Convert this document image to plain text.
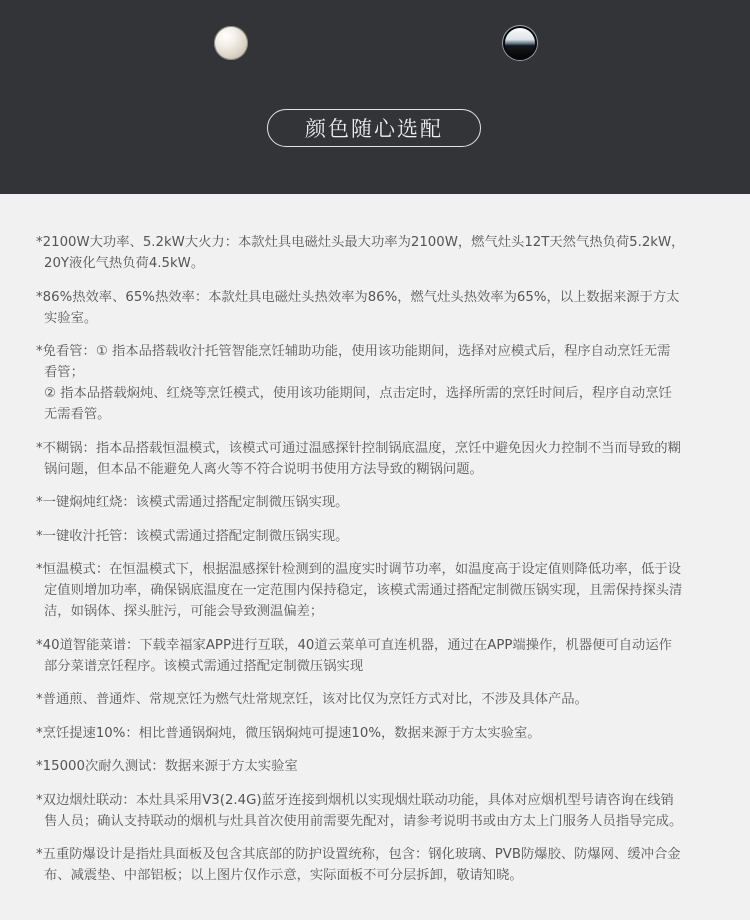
颜色随心选配
*2100W大功率、5.2kW大火力：本款灶具电磁灶头最大功率为2100W，燃气灶头12T天然气热负荷5.2kW，
20Y液化气热负荷4.5kW。
*86%热效率、65%热效率：本款灶具电磁灶头热效率为86%，燃气灶头热效率为65%，以上数据来源于方太
实验室。
*免看管：① 指本品搭载收汁托管智能烹饪辅助功能，使用该功能期间，选择对应模式后，程序自动烹饪无需
看管；
② 指本品搭载焖炖、红烧等烹饪模式，使用该功能期间，点击定时，选择所需的烹饪时间后，程序自动烹饪
无需看管。
*不糊锅：指本品搭载恒温模式，该模式可通过温感探针控制锅底温度，烹饪中避免因火力控制不当而导致的糊
锅问题，但本品不能避免人离火等不符合说明书使用方法导致的糊锅问题。
*一键焖炖红烧：该模式需通过搭配定制微压锅实现。
*一键收汁托管：该模式需通过搭配定制微压锅实现。
*恒温模式：在恒温模式下，根据温感探针检测到的温度实时调节功率，如温度高于设定值则降低功率，低于设
定值则增加功率，确保锅底温度在一定范围内保持稳定，该模式需通过搭配定制微压锅实现，且需保持探头清
洁，如锅体、探头脏污，可能会导致测温偏差；
*40道智能菜谱：下载幸福家APP进行互联，40道云菜单可直连机器，通过在APP端操作，机器便可自动运作
部分菜谱烹饪程序。该模式需通过搭配定制微压锅实现
*普通煎、普通炸、常规烹饪为燃气灶常规烹饪，该对比仅为烹饪方式对比，不涉及具体产品。
*烹饪提速10%：相比普通锅焖炖，微压锅焖炖可提速10%，数据来源于方太实验室。
*15000次耐久测试：数据来源于方太实验室
*双边烟灶联动：本灶具采用V3(2.4G)蓝牙连接到烟机以实现烟灶联动功能，具体对应烟机型号请咨询在线销
售人员；确认支持联动的烟机与灶具首次使用前需要先配对，请参考说明书或由方太上门服务人员指导完成。
*五重防爆设计是指灶具面板及包含其底部的防护设置统称，包含：钢化玻璃、PVB防爆胶、防爆网、缓冲合金
布、减震垫、中部铝板；以上图片仅作示意，实际面板不可分层拆卸，敬请知晓。
